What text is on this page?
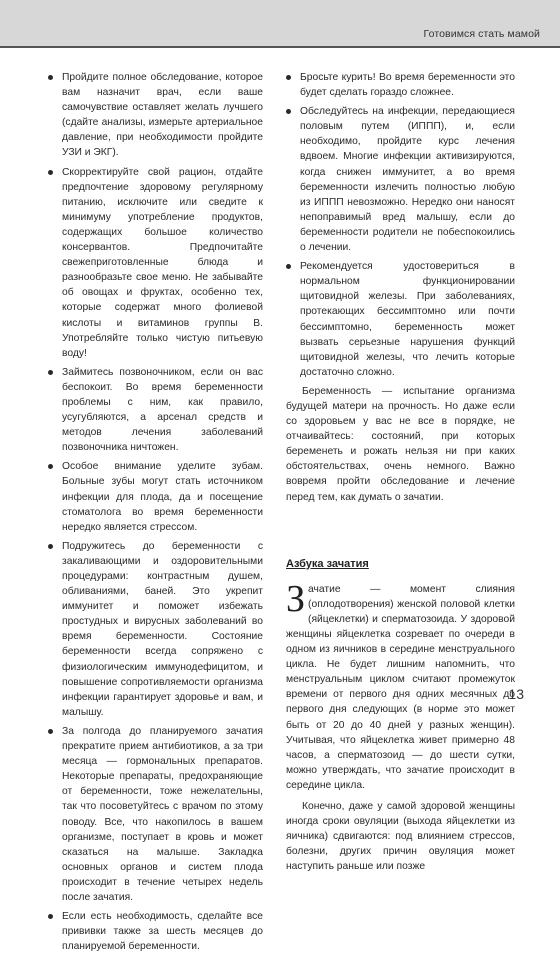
Готовимся стать мамой
Пройдите полное обследование, которое вам назначит врач, если ваше самочувствие оставляет желать лучшего (сдайте анализы, измерьте артериальное давление, при необходимости пройдите УЗИ и ЭКГ).
Скорректируйте свой рацион, отдайте предпочтение здоровому регулярному питанию, исключите или сведите к минимуму употребление продуктов, содержащих большое количество консервантов. Предпочитайте свежеприготовленные блюда и разнообразьте свое меню. Не забывайте об овощах и фруктах, особенно тех, которые содержат много фолиевой кислоты и витаминов группы В. Употребляйте только чистую питьевую воду!
Займитесь позвоночником, если он вас беспокоит. Во время беременности проблемы с ним, как правило, усугубляются, а арсенал средств и методов лечения заболеваний позвоночника ничтожен.
Особое внимание уделите зубам. Больные зубы могут стать источником инфекции для плода, да и посещение стоматолога во время беременности нередко является стрессом.
Подружитесь до беременности с закаливающими и оздоровительными процедурами: контрастным душем, обливаниями, баней. Это укрепит иммунитет и поможет избежать простудных и вирусных заболеваний во время беременности. Состояние беременности всегда сопряжено с физиологическим иммунодефицитом, и повышение сопротивляемости организма инфекции гарантирует здоровье и вам, и малышу.
За полгода до планируемого зачатия прекратите прием антибиотиков, а за три месяца — гормональных препаратов. Некоторые препараты, предохраняющие от беременности, тоже нежелательны, так что посоветуйтесь с врачом по этому поводу. Все, что накопилось в вашем организме, поступает в кровь и может сказаться на малыше. Закладка основных органов и систем плода происходит в течение четырех недель после зачатия.
Если есть необходимость, сделайте все прививки также за шесть месяцев до планируемой беременности.
Бросьте курить! Во время беременности это будет сделать гораздо сложнее.
Обследуйтесь на инфекции, передающиеся половым путем (ИППП), и, если необходимо, пройдите курс лечения вдвоем. Многие инфекции активизируются, когда снижен иммунитет, а во время беременности излечить полностью любую из ИППП невозможно. Нередко они наносят непоправимый вред малышу, если до беременности родители не побеспокоились о лечении.
Рекомендуется удостовериться в нормальном функционировании щитовидной железы. При заболеваниях, протекающих бессимптомно или почти бессимптомно, беременность может вызвать серьезные нарушения функций щитовидной железы, что лечить которые достаточно сложно.

Беременность — испытание организма будущей матери на прочность. Но даже если со здоровьем у вас не все в порядке, не отчаивайтесь: состояний, при которых беременеть и рожать нельзя ни при каких обстоятельствах, очень немного. Важно вовремя пройти обследование и лечение перед тем, как думать о зачатии.

Азбука зачатия

Зачатие — момент слияния (оплодотворения) женской половой клетки (яйцеклетки) и сперматозоида. У здоровой женщины яйцеклетка созревает по очереди в одном из яичников в середине менструального цикла. Не будет лишним напомнить, что менструальным циклом считают промежуток времени от первого дня одних месячных до первого дня следующих (в норме это может быть от 20 до 40 дней у разных женщин). Учитывая, что яйцеклетка живет примерно 48 часов, а сперматозоид — до шести сутки, можно утверждать, что зачатие происходит в середине цикла.

Конечно, даже у самой здоровой женщины иногда сроки овуляции (выхода яйцеклетки из яичника) сдвигаются: под влиянием стрессов, болезни, других причин овуляция может наступить раньше или позже

13
